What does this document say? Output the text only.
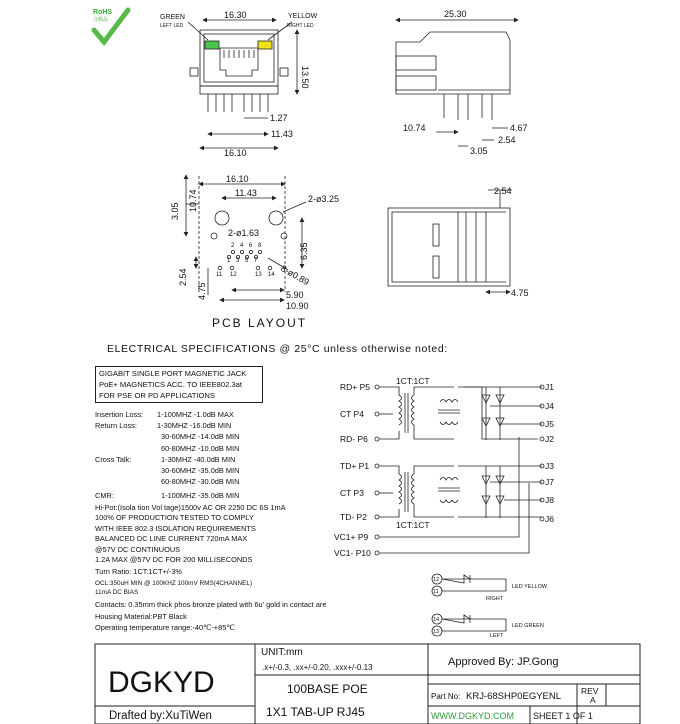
RoHS
合格品	16.30
GREEN
LEFT LED
YELLOW
RIGHT LED
13.50
1.27
11.43
16.10
25.30
10.74
3.05
2.54
4.67
16.10
11.43
3.05 10.74	2-ø3.25
2-ø1.63
2 4 6 8
1 3 5 7
11 12	13 14 8-ø0.89
6.35
2.54
4.75	5.90
10.90
PCB LAYOUT
2.54
4.75
ELECTRICAL SPECIFICATIONS @ 25°C unless otherwise noted:
RD+ P5
CT P4
RD- P6
TD+ P1
CT P3
TD- P2
VC1+ P9
VC1- P10
J1
J4
J5
J2
J3
J7
J8
J6
1CT:1CT
1CT:1CT
12
11
14
13
LED YELLOW
RIGHT
LED GREEN
LEFT
DGKYD
Drafted by:XuTiWen
UNIT:mm
.x+/-0.3, .xx+/-0.20, .xxx+/-0.13
100BASE POE
1X1 TAB-UP RJ45
Approved By: JP.Gong
Part No: KRJ-68SHP0EGYENL REV
A
WWW.DGKYD.COM SHEET 1 OF 1
GIGABIT SINGLE PORT MAGNETIC JACK
PoE+ MAGNETICS ACC. TO IEEE802.3at
FOR PSE OR PD APPLICATIONS
Insertion Loss: 1-100MHZ -1.0dB MAX
Return Loss:	1-30MHZ -16.0dB MIN
30-60MHZ -14.0dB MIN
60-80MHZ -10.0dB MIN
Cross Talk:	1-30MHZ -40.0dB MIN
30-60MHZ -35.0dB MIN
60-80MHZ -30.0dB MIN
CMR:	1-100MHZ -35.0dB MIN
Hi-Pot:(Isola tion Vol tage)1500v AC OR 2250 DC 6S 1mA
100% OF PRODUCTION TESTED TO COMPLY
WITH IEEE 802.3 ISOLATION REQUIREMENTS
BALANCED DC LINE CURRENT 720mA MAX
@57V DC CONTINUOUS
1.2A MAX @57V DC FOR 200 MILLISECONDS
Turn Ratio: 1CT:1CT+/-3%
OCL:350uH MIN @ 100KHZ 100mV RMS(4CHANNEL)
11mA DC BIAS
Contacts: 0.35mm thick phos bronze plated with 6u' gold in contact are
Housing Material:PBT Black
Operating temperature range:-40℃-+85℃
